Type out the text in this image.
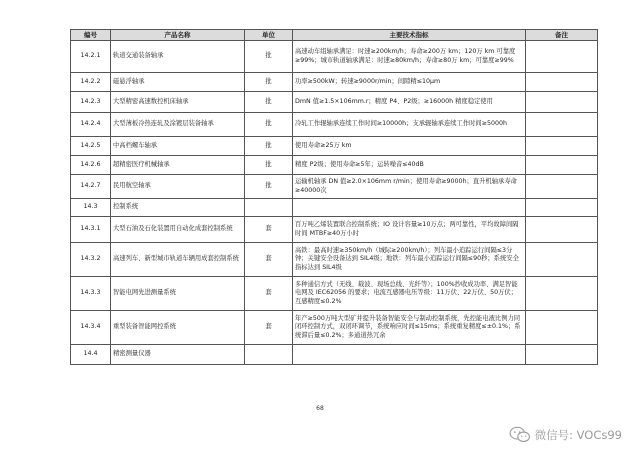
编号	产品名称	单位	主要技术指标	备注
14.2.1	轨道交通装备轴承	批	高速动车组轴承满足：时速≥200km/h；寿命≥200万 km；120万 km 可靠度≥99%；城市轨道轴承满足：时速≥80km/h；寿命≥80万 km；可靠度≥99%	
14.2.2	磁悬浮轴承	批	功率≥500kW；转速≥9000r/min；间隙精≤10μm	
14.2.3	大型精密高速数控机床轴承	批	DmN 值≥1.5×106mm.r；精度 P4、P2级；≥16000h 精度稳定使用	
14.2.4	大型薄板冷热连轧及涂镀层装备轴承	批	冷轧工作辊轴承连续工作时间≥10000h；支承辊轴承连续工作时间≥5000h	
14.2.5	中高档螺车轴承	批	使用寿命≥25万 km	
14.2.6	超精密医疗机械轴承	批	精度 P2级；使用寿命≥5年；运转噪音≤40dB	
14.2.7	民用航空轴承	批	运输机轴承 DN 值≥2.0×106mm r/min；使用寿命≥9000h；直升机轴承寿命≥40000次	
14.3	控制系统			
14.3.1	大型石油及石化装置用自动化成套控制系统	套	百万吨乙烯装置联合控制系统；IO 设计容量≥10万点；两可靠性，平均故障间隔时间 MTBF≥40万小时	
14.3.2	高速列车、新型城市轨道车辆用成套控制系统	套	高铁：最高时速≥350km/h（城际≥200km/h）；列车最小追踪运行间隔≤3分钟；关键安全设备达到 SIL4级；地铁：列车最小追踪运行间隔≤90秒；系统安全指标达到 SIL4级	
14.3.3	智能电网先进测量系统	套	多种通信方式（无线、载波、现场总线、光纤等）；100%抄收成功率、满足智能电网及 IEC62056 的要求；电流互感器电压等级：11万伏、22万伏、50万伏；互感精度≤0.2%	
14.3.4	重型装备智能网控系统	套	年产≥500万吨大型矿井提升装备智能安全与制动控制系统，先控能电液比例力同闭环控制方式，双闭环调节，系统响应时间≤15ms；系统重复精度≤±0.1%；系统滞后量≤0.2%；多通道热冗余	
14.4	精密测量仪器			
68
微信号: VOCs99
